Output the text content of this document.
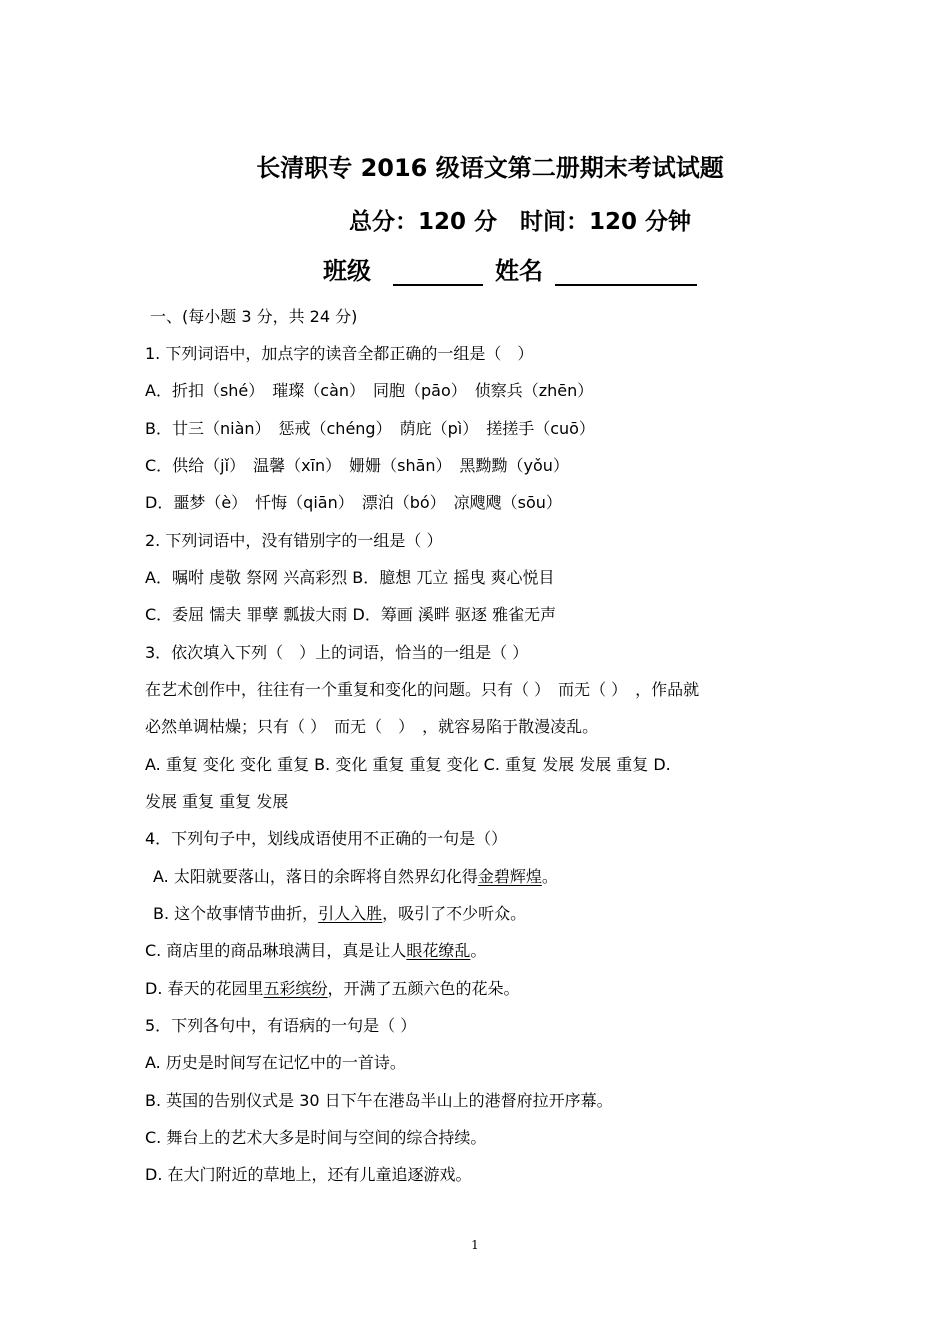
长清职专 2016 级语文第二册期末考试试题
总分：120 分　时间：120 分钟
班级	姓名
一、(每小题 3 分，共 24 分)
1. 下列词语中，加点字的读音全都正确的一组是（　）
A．折扣（shé）　璀璨（càn）　同胞（pāo）　侦察兵（zhēn）
B．廿三（niàn）　惩戒（chéng）　荫庇（pì）　搓搓手（cuō）
C．供给（jǐ）　温馨（xīn）　姗姗（shān）　黑黝黝（yǒu）
D．噩梦（è）　忏悔（qiān）　漂泊（bó）　凉飕飕（sōu）
2. 下列词语中，没有错别字的一组是（ ）
A．嘱咐 虔敬 祭网 兴高彩烈 B．臆想 兀立 摇曳 爽心悦目
C．委屈 懦夫 罪孽 瓢拔大雨 D．筹画 溪畔 驱逐 雅雀无声
3．依次填入下列（　）上的词语，恰当的一组是（ ）
在艺术创作中，往往有一个重复和变化的问题。只有（ ）　而无（ ）　，作品就
必然单调枯燥；只有（ ）　而无（　）　，就容易陷于散漫凌乱。
A. 重复 变化 变化 重复 B. 变化 重复 重复 变化 C. 重复 发展 发展 重复 D.
发展 重复 重复 发展
4．下列句子中，划线成语使用不正确的一句是（）
A. 太阳就要落山，落日的余晖将自然界幻化得金碧辉煌。
B. 这个故事情节曲折，引人入胜，吸引了不少听众。
C. 商店里的商品琳琅满目，真是让人眼花缭乱。
D. 春天的花园里五彩缤纷，开满了五颜六色的花朵。
5．下列各句中，有语病的一句是（ ）
A. 历史是时间写在记忆中的一首诗。
B. 英国的告别仪式是 30 日下午在港岛半山上的港督府拉开序幕。
C. 舞台上的艺术大多是时间与空间的综合持续。
D. 在大门附近的草地上，还有儿童追逐游戏。
1
